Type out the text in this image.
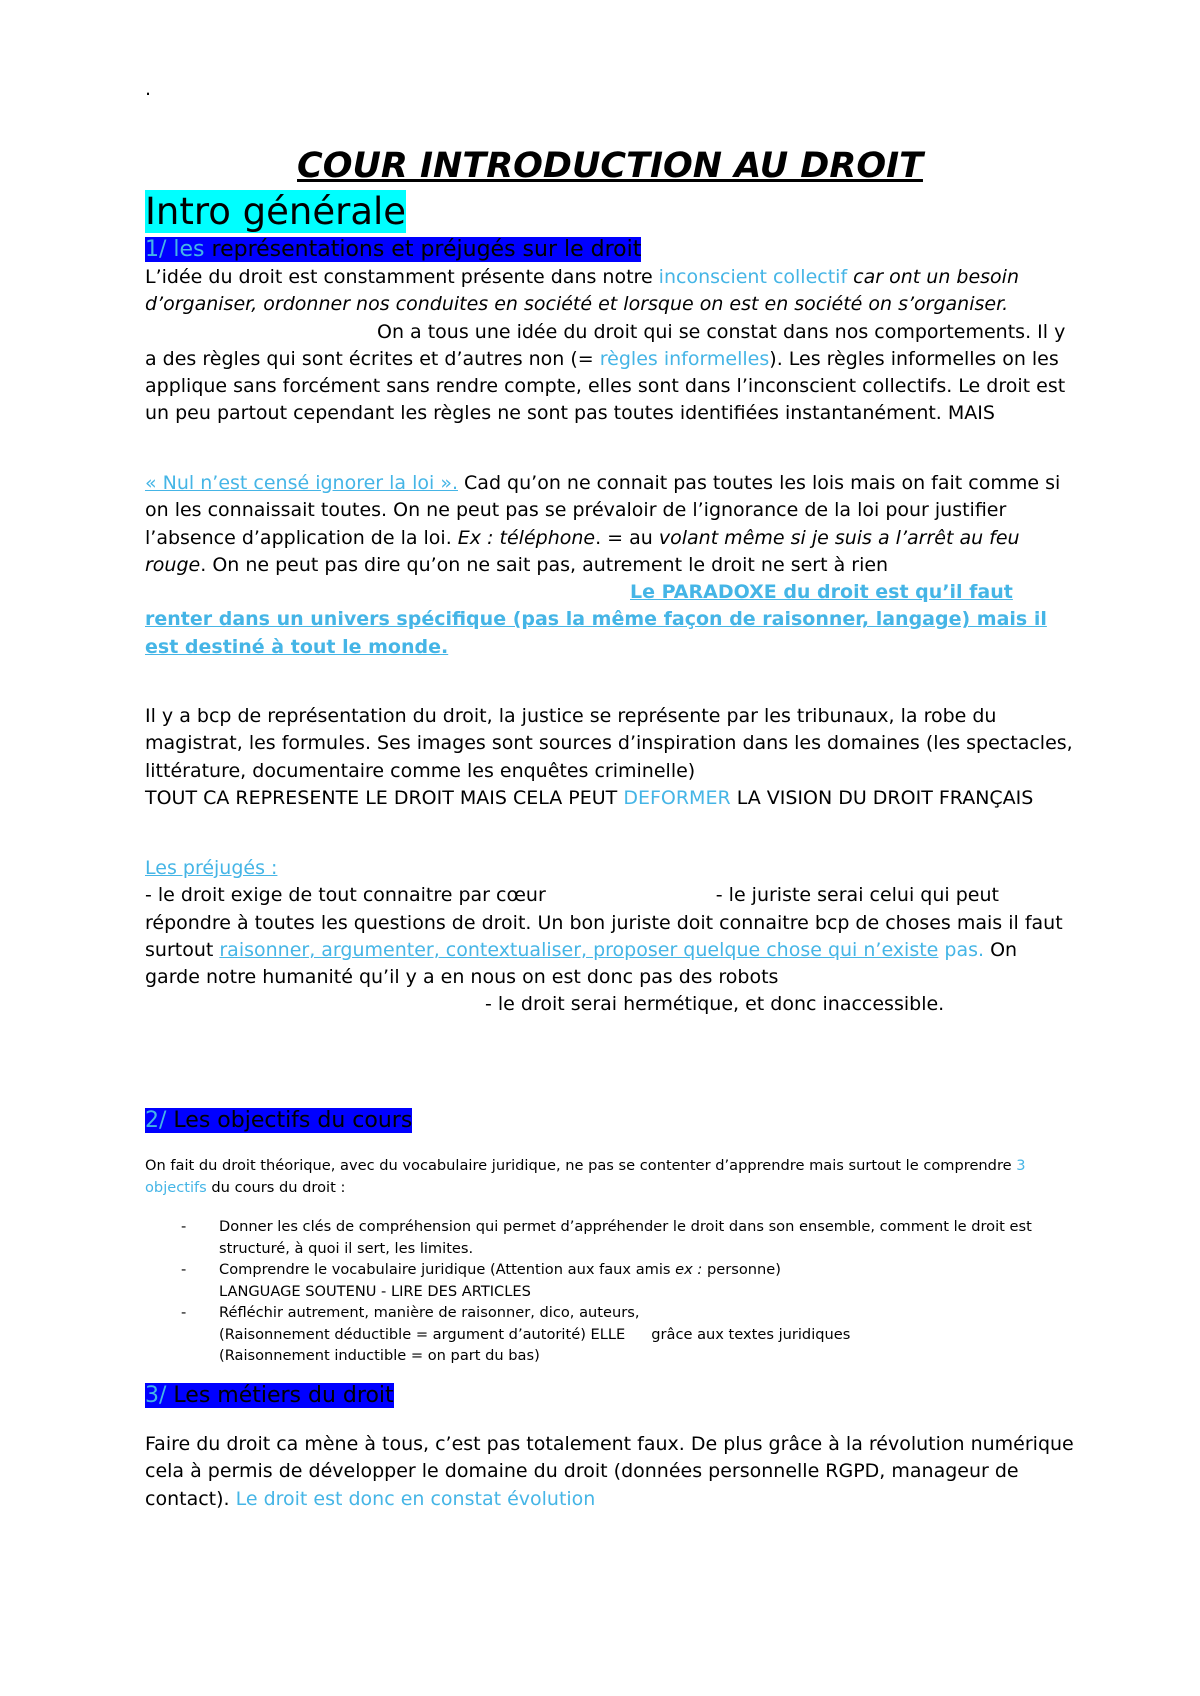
.
COUR INTRODUCTION AU DROIT
Intro générale
1/ les représentations et préjugés sur le droit

L’idée du droit est constamment présente dans notre inconscient collectif car ont un besoin d’organiser, ordonner nos conduites en société et lorsque on est en société on s’organiser.On a tous une idée du droit qui se constat dans nos comportements. Il y a des règles qui sont écrites et d’autres non (= règles informelles). Les règles informelles on les applique sans forcément sans rendre compte, elles sont dans l’inconscient collectifs. Le droit est un peu partout cependant les règles ne sont pas toutes identifiées instantanément. MAIS

« Nul n’est censé ignorer la loi ». Cad qu’on ne connait pas toutes les lois mais on fait comme si on les connaissait toutes. On ne peut pas se prévaloir de l’ignorance de la loi pour justifier l’absence d’application de la loi. Ex : téléphone. = au volant même si je suis a l’arrêt au feu rouge. On ne peut pas dire qu’on ne sait pas, autrement le droit ne sert à rienLe PARADOXE du droit est qu’il faut renter dans un univers spécifique (pas la même façon de raisonner, langage) mais il est destiné à tout le monde.

Il y a bcp de représentation du droit, la justice se représente par les tribunaux, la robe du magistrat, les formules. Ses images sont sources d’inspiration dans les domaines (les spectacles, littérature, documentaire comme les enquêtes criminelle)TOUT CA REPRESENTE LE DROIT MAIS CELA PEUT DEFORMER LA VISION DU DROIT FRANÇAIS

Les préjugés :
- le droit exige de tout connaitre par cœur	- le juriste serai celui qui peut répondre à toutes les questions de droit. Un bon juriste doit connaitre bcp de choses mais il faut surtout raisonner, argumenter, contextualiser, proposer quelque chose qui n’existe pas. On garde notre humanité qu’il y a en nous on est donc pas des robots- le droit serai hermétique, et donc inaccessible.

2/ Les objectifs du cours

On fait du droit théorique, avec du vocabulaire juridique, ne pas se contenter d’apprendre mais surtout le comprendre 3 objectifs du cours du droit :

- Donner les clés de compréhension qui permet d’appréhender le droit dans son ensemble, comment le droit est structuré, à quoi il sert, les limites.
- Comprendre le vocabulaire juridique (Attention aux faux amis ex : personne)
LANGUAGE SOUTENU - LIRE DES ARTICLES
- Réfléchir autrement, manière de raisonner, dico, auteurs,
(Raisonnement déductible = argument d’autorité) ELLE grâce aux textes juridiques
(Raisonnement inductible = on part du bas)
3/ Les métiers du droit

Faire du droit ca mène à tous, c’est pas totalement faux. De plus grâce à la révolution numérique cela à permis de développer le domaine du droit (données personnelle RGPD, manageur de contact). Le droit est donc en constat évolution
